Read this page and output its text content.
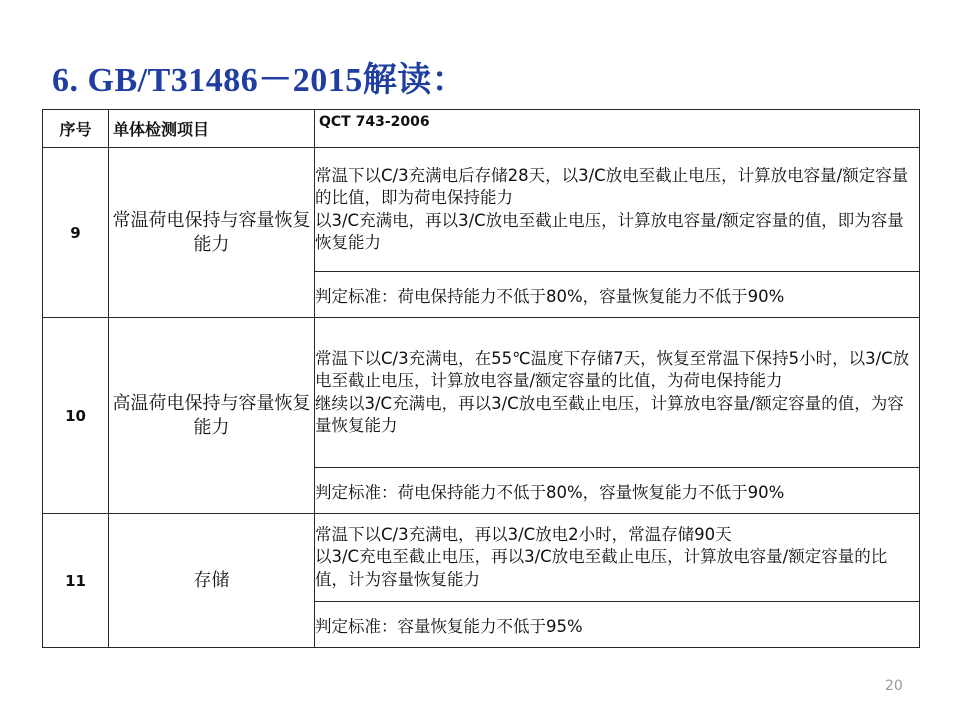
6. GB/T31486－2015解读：
序号	单体检测项目	QCT 743-2006
9	常温荷电保持与容量恢复能力	常温下以C/3充满电后存储28天，以3/C放电至截止电压，计算放电容量/额定容量的比值，即为荷电保持能力
以3/C充满电，再以3/C放电至截止电压，计算放电容量/额定容量的值，即为容量恢复能力

		判定标准：荷电保持能力不低于80%，容量恢复能力不低于90%
10	高温荷电保持与容量恢复能力	常温下以C/3充满电，在55℃温度下存储7天，恢复至常温下保持5小时，以3/C放电至截止电压，计算放电容量/额定容量的比值，为荷电保持能力
继续以3/C充满电，再以3/C放电至截止电压，计算放电容量/额定容量的值，为容量恢复能力

		判定标准：荷电保持能力不低于80%，容量恢复能力不低于90%
11	存储	常温下以C/3充满电，再以3/C放电2小时，常温存储90天
以3/C充电至截止电压，再以3/C放电至截止电压，计算放电容量/额定容量的比值，计为容量恢复能力

		判定标准：容量恢复能力不低于95%
20
